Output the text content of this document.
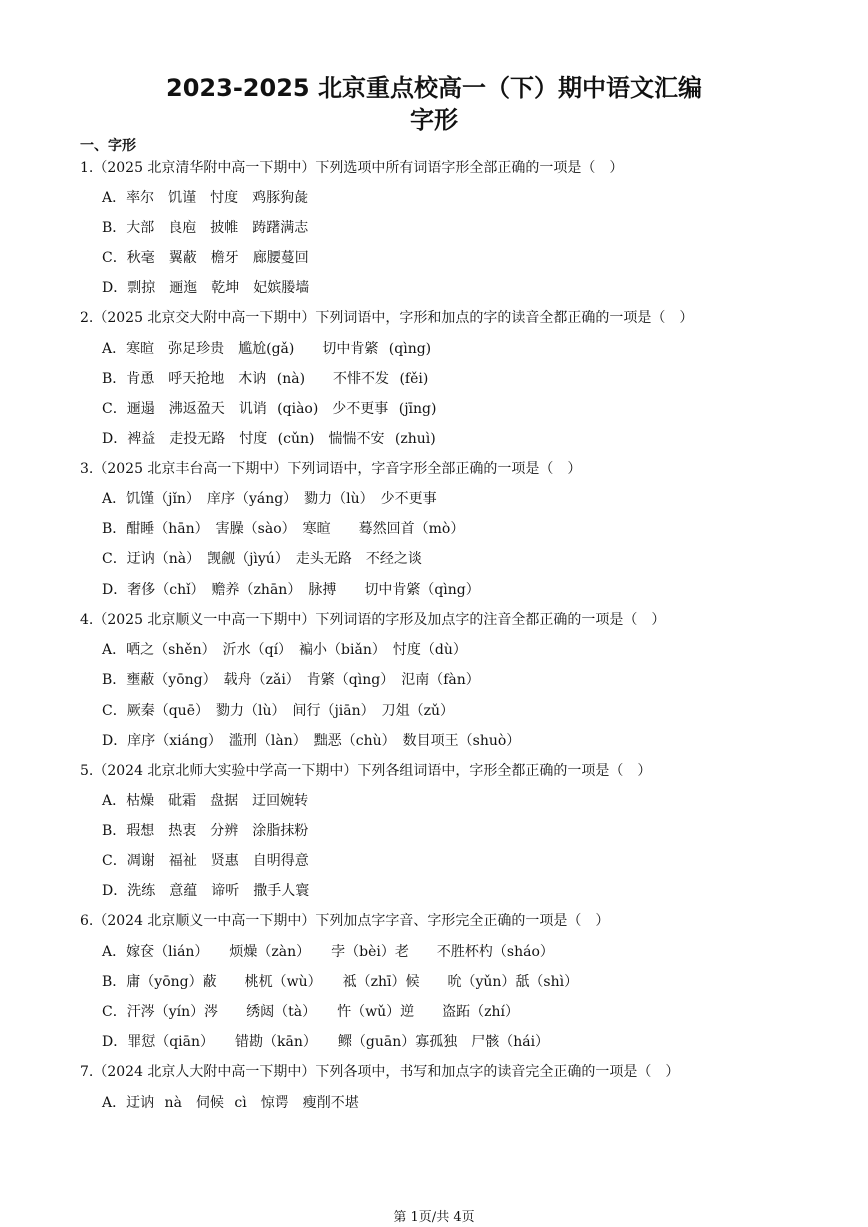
2023-2025 北京重点校高一（下）期中语文汇编
字形
一、字形
1.（2025 北京清华附中高一下期中）下列选项中所有词语字形全部正确的一项是（　）
A．率尔　饥谨　忖度　鸡豚狗彘
B．大部　良庖　披帷　踌躇满志
C．秋毫　翼蔽　檐牙　廊腰蔓回
D．剽掠　逦迤　乾坤　妃嫔媵墙
2.（2025 北京交大附中高一下期中）下列词语中，字形和加点的字的读音全都正确的一项是（　）
A．寒暄　弥足珍贵　尴尬(gǎ)　　切中肯綮 (qìng)
B．肯恿　呼天抢地　木讷 (nà)　　不悱不发 (fěi)
C．逦遢　沸返盈天　讥诮 (qiào)　少不更事 (jīng)
D．裨益　走投无路　忖度 (cǔn)　惴惴不安 (zhuì)
3.（2025 北京丰台高一下期中）下列词语中，字音字形全部正确的一项是（　）
A．饥馑（jǐn）　庠序（yáng）　勠力（lù）　少不更事
B．酣睡（hān）　害臊（sào）　寒暄　　蓦然回首（mò）
C．迂讷（nà）　觊觎（jìyú）　走头无路　不经之谈
D．奢侈（chǐ）　赡养（zhān）　脉搏　　切中肯綮（qìng）
4.（2025 北京顺义一中高一下期中）下列词语的字形及加点字的注音全都正确的一项是（　）
A．哂之（shěn）　沂水（qí）　褊小（biǎn）　忖度（dù）
B．壅蔽（yōng）　载舟（zǎi）　肯綮（qìng）　氾南（fàn）
C．厥秦（quē）　勠力（lù）　间行（jiān）　刀俎（zǔ）
D．庠序（xiáng）　滥刑（làn）　黜恶（chù）　数目项王（shuò）
5.（2024 北京北师大实验中学高一下期中）下列各组词语中，字形全都正确的一项是（　）
A．枯燥　砒霜　盘据　迂回婉转
B．瑕想　热衷　分辨　涂脂抹粉
C．凋谢　福祉　贤惠　自明得意
D．洗练　意蕴　谛听　撒手人寰
6.（2024 北京顺义一中高一下期中）下列加点字字音、字形完全正确的一项是（　）
A．嫁奁（lián）　　烦燥（zàn）　　孛（bèi）老　　不胜杯杓（sháo）
B．庸（yōng）蔽　　桃杌（wù）　　祗（zhī）候　　吮（yǔn）舐（shì）
C．汗涔（yín）涔　　绣闼（tà）　　忤（wǔ）逆　　盗跖（zhí）
D．罪愆（qiān）　　错勘（kān）　　鳏（guān）寡孤独　尸骸（hái）
7.（2024 北京人大附中高一下期中）下列各项中，书写和加点字的读音完全正确的一项是（　）
A．迂讷 nà　伺候 cì　惊谔　瘦削不堪
第 1页/共 4页
